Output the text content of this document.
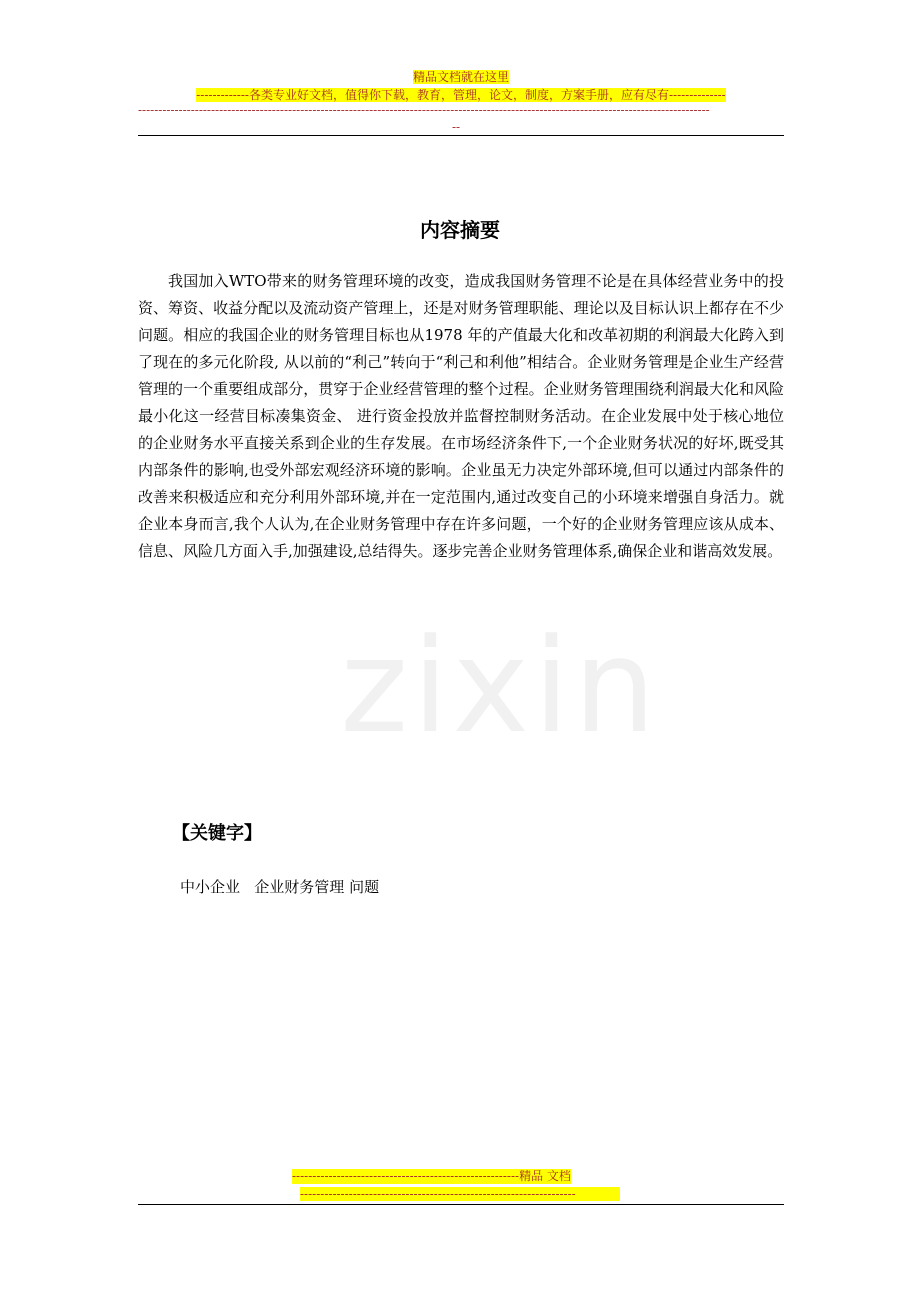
精品文档就在这里
-------------各类专业好文档，值得你下载，教育，管理，论文，制度，方案手册，应有尽有--------------
---------------------------------------------------------------------------------------------------------------------------------------------
--
zixin
内容摘要

我国加入WTO带来的财务管理环境的改变，造成我国财务管理不论是在具体经营业务中的投资、筹资、收益分配以及流动资产管理上，还是对财务管理职能、理论以及目标认识上都存在不少问题。相应的我国企业的财务管理目标也从1978 年的产值最大化和改革初期的利润最大化跨入到了现在的多元化阶段, 从以前的“利己”转向于“利己和利他”相结合。企业财务管理是企业生产经营管理的一个重要组成部分，贯穿于企业经营管理的整个过程。企业财务管理围绕利润最大化和风险最小化这一经营目标凑集资金、 进行资金投放并监督控制财务活动。在企业发展中处于核心地位的企业财务水平直接关系到企业的生存发展。在市场经济条件下,一个企业财务状况的好坏,既受其内部条件的影响,也受外部宏观经济环境的影响。企业虽无力决定外部环境,但可以通过内部条件的改善来积极适应和充分利用外部环境,并在一定范围内,通过改变自己的小环境来增强自身活力。就企业本身而言,我个人认为,在企业财务管理中存在许多问题，一个好的企业财务管理应该从成本、信息、风险几方面入手,加强建设,总结得失。逐步完善企业财务管理体系,确保企业和谐高效发展。

【关键字】
中小企业   企业财务管理 问题
--------------------------------------------------------精品 文档
--------------------------------------------------------------------
